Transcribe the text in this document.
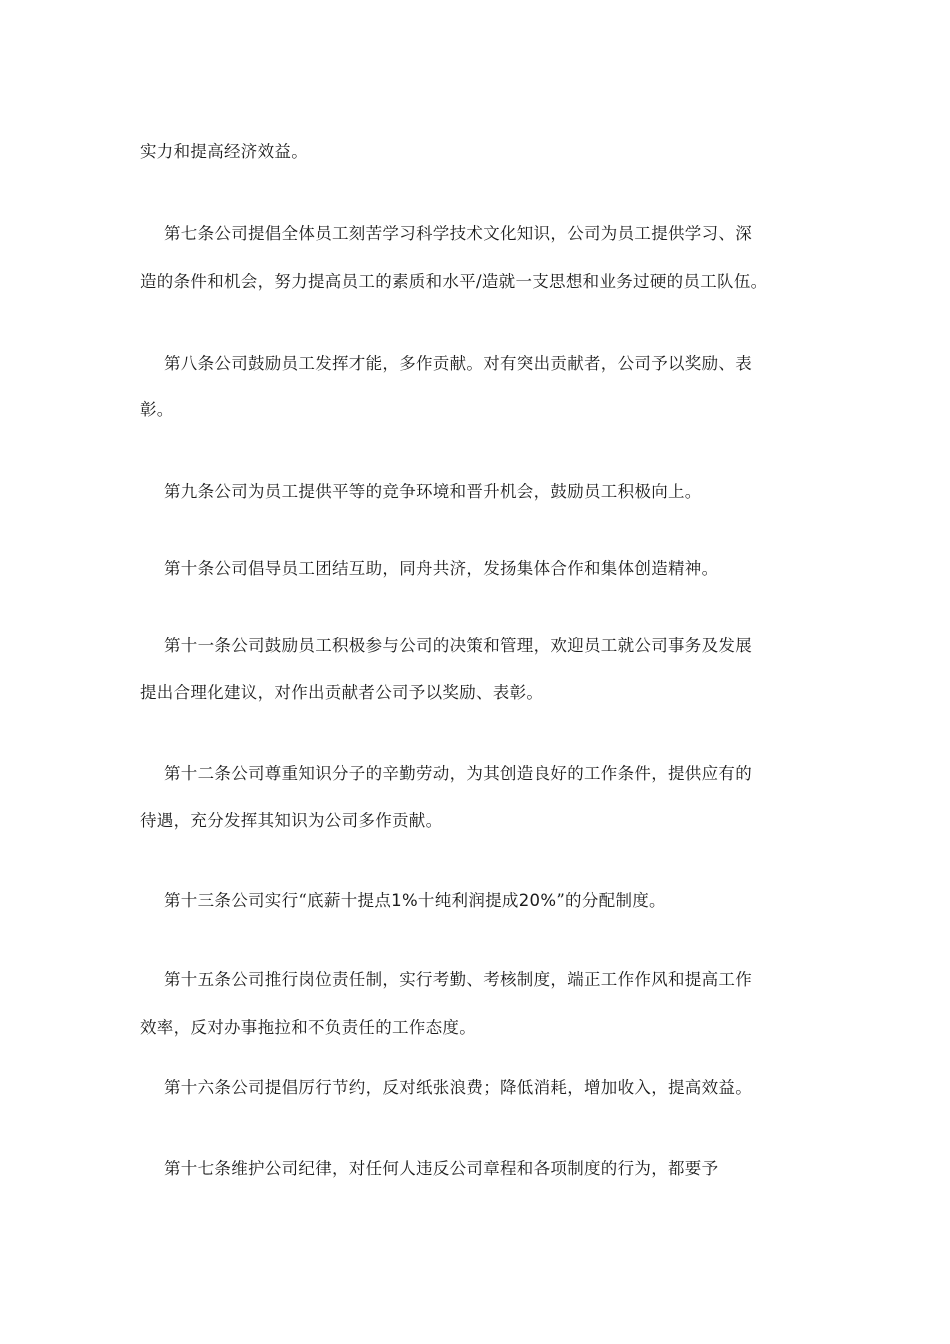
实力和提高经济效益。
第七条公司提倡全体员工刻苦学习科学技术文化知识，公司为员工提供学习、深
造的条件和机会，努力提高员工的素质和水平/造就一支思想和业务过硬的员工队伍。
第八条公司鼓励员工发挥才能，多作贡献。对有突出贡献者，公司予以奖励、表
彰。
第九条公司为员工提供平等的竞争环境和晋升机会，鼓励员工积极向上。
第十条公司倡导员工团结互助，同舟共济，发扬集体合作和集体创造精神。
第十一条公司鼓励员工积极参与公司的决策和管理，欢迎员工就公司事务及发展
提出合理化建议，对作出贡献者公司予以奖励、表彰。
第十二条公司尊重知识分子的辛勤劳动，为其创造良好的工作条件，提供应有的
待遇，充分发挥其知识为公司多作贡献。
第十三条公司实行“底薪十提点1%十纯利润提成20%”的分配制度。
第十五条公司推行岗位责任制，实行考勤、考核制度，端正工作作风和提高工作
效率，反对办事拖拉和不负责任的工作态度。
第十六条公司提倡厉行节约，反对纸张浪费；降低消耗，增加收入，提高效益。
第十七条维护公司纪律，对任何人违反公司章程和各项制度的行为，都要予
